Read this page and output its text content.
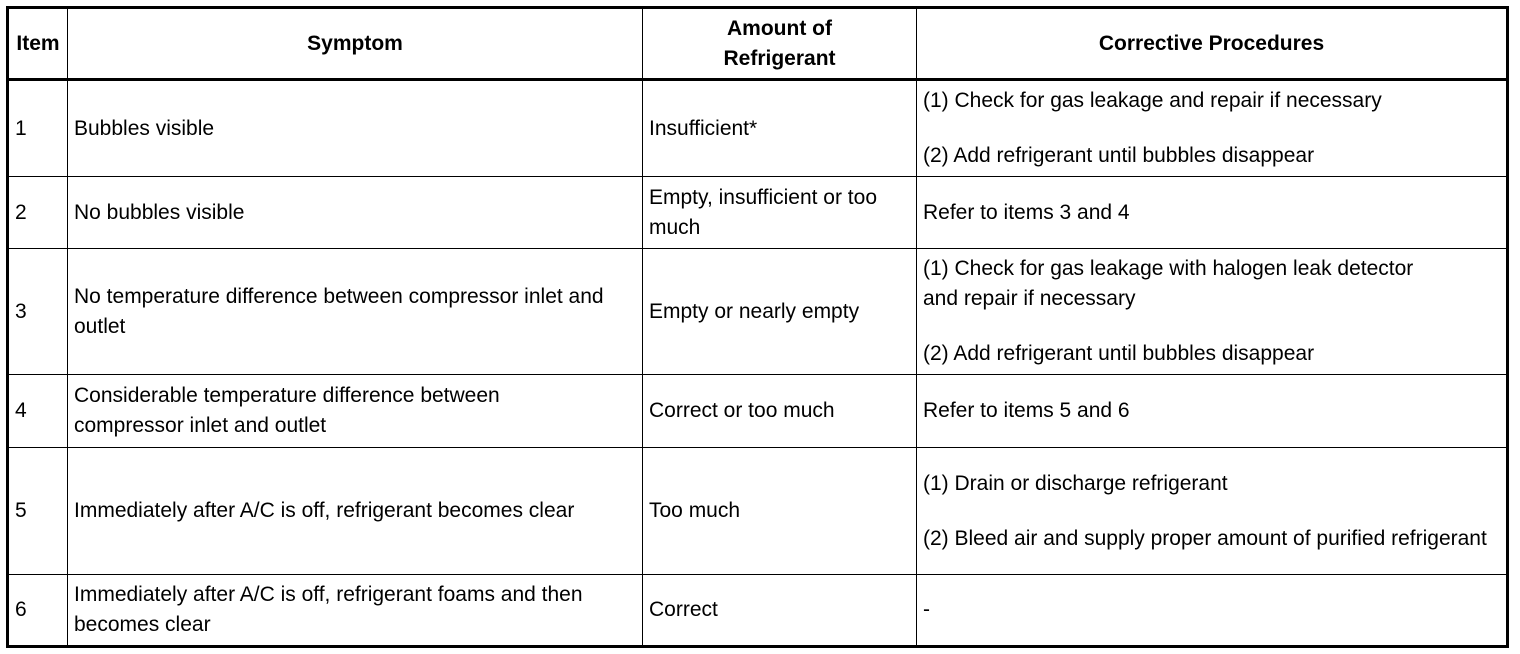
Item	Symptom	Amount of Refrigerant	Corrective Procedures
1	Bubbles visible	Insufficient*	(1) Check for gas leakage and repair if necessary
(2) Add refrigerant until bubbles disappear

2	No bubbles visible	Empty, insufficient or too much	Refer to items 3 and 4

3	No temperature difference between compressor inlet and outlet	Empty or nearly empty	(1) Check for gas leakage with halogen leak detector and repair if necessary
(2) Add refrigerant until bubbles disappear

4	Considerable temperature difference between compressor inlet and outlet	Correct or too much	Refer to items 5 and 6

5	Immediately after A/C is off, refrigerant becomes clear	Too much	(1) Drain or discharge refrigerant
(2) Bleed air and supply proper amount of purified refrigerant

6	Immediately after A/C is off, refrigerant foams and then becomes clear	Correct	-
